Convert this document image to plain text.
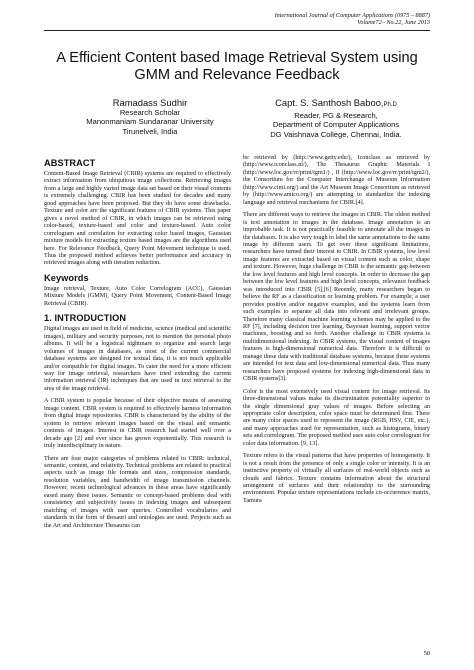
International Journal of Computer Applications (0975 – 8887)
Volume72– No.22, June 2013
A Efficient Content based Image Retrieval System using GMM and Relevance Feedback
Ramadass Sudhir
Research Scholar
Manonmaniam Sundaranar University
Tirunelveli, India
Capt. S. Santhosh Baboo,Ph.D
Reader, PG & Research,
Department of Computer Applications
DG Vaishnava College, Chennai, India.
ABSTRACT

Content-Based Image Retrieval (CBIR) systems are required to effectively extract information from ubiquitous image collections. Retrieving images from a large and highly varied image data set based on their visual contents is extremely challenging. CBIR has been studied for decades and many good approaches have been proposed. But they do have some drawbacks. Texture and color are the significant features of CBIR systems. This paper gives a novel method of CBIR, in which images can be retrieved using color-based, texture-based and color and texture-based. Auto color correlogram and correlation for extracting color based images, Gaussian mixture models for extracting texture based images are the algorithms used here. For Relevance Feedback, Query Point Movement technique is used. Thus the proposed method achieves better performance and accuracy in retrieved images along with iteration reduction.

Keywords

Image retrieval, Texture, Auto Color Correlogram (ACC), Gaussian Mixture Models (GMM), Query Point Movement, Content-Based Image Retrieval (CBIR).

1. INTRODUCTION

Digital images are used in field of medicine, science (medical and scientific images), military and security purposes, not to mention the personal photo albums. It will be a logistical nightmare to organize and search large volumes of images in databases, as most of the current commercial database systems are designed for textual data, it is not much applicable and/or compatible for digital images. To cater the need for a more efficient way for image retrieval, researchers have tried extending the current information retrieval (IR) techniques that are used in text retrieval to the area of the image retrieval.

A CBIR system is popular because of their objective means of assessing image content. CBIR system is required to effectively harness information from digital image repositories. CBIR is characterized by the ability of the system to retrieve relevant images based on the visual and semantic contents of images. Interest in CBIR research had started well over a decade ago [2] and ever since has grown exponentially. This research is truly interdisciplinary in nature.

There are four major categories of problems related to CBIR: technical, semantic, content, and relativity. Technical problems are related to practical aspects such as image file formats and sizes, compression standards, resolution variables, and bandwidth of image transmission channels. However, recent technological advances in these areas have significantly eased many these issues. Semantic or concept-based problems deal with consistency and subjectivity issues in indexing images and subsequent matching of images with user queries. Controlled vocabularies and standards in the form of thesauri and ontologies are used. Projects such as the Art and Architecture Thesaurus can

be retrieved by (http://www.getty.edu/), Iconclass as retrieved by (http://www.iconclass.nl/), The Thesaurus Graphic Materials I (http://www.loc.gov/rr/print/tgm1/) , II (http://www.loc.gov/rr/print/tgm2/), the Consortium for the Computer Interchange of Museum Information (http://www.cimi.org/) and the Art Museum Image Consortium as retrieved by (http://www.amico.org/) are attempting to standardize the indexing language and retrieval mechanisms for CBIR.[4].

There are different ways to retrieve the images in CBIR. The oldest method is text annotation to images in the database. Image annotation is an improbable task. It is not practically feasible to annotate all the images in the databases. It is also very tough to label the same annotations to the same image by different users. To get over these significant limitations, researchers have turned their interest to CBIR. In CBIR systems, low level image features are extracted based on visual content such as color, shape and texture. However, huge challenge in CBIR is the semantic gap between the low level features and high level concepts. In order to decrease the gap between the low level features and high level concepts, relevance feedback was introduced into CBIR [5],[6] Recently, many researchers began to believe the RF as a classification or learning problem. For example, a user provides positive and/or negative examples, and the systems learn from such examples to separate all data into relevant and irrelevant groups. Therefore many classical machine learning schemes may be applied to the RF [7], including decision tree learning, Bayesian learning, support vector machines, boosting and so forth. Another challenge in CBIR systems is multidimensional indexing. In CBIR systems, the visual content of images features is high-dimensional numerical data. Therefore it is difficult to manage these data with traditional database systems, because these systems are intended for text data and low-dimensional numerical data. Thus many researchers have proposed systems for indexing high-dimensional data in CBIR systems[3].

Color is the most extensively used visual content for image retrieval. Its three-dimensional values make its discrimination potentiality superior to the single dimensional gray values of images. Before selecting an appropriate color description, color space must be determined first. There are many color spaces used to represent the image (RGB, HSV, CIE, etc.), and many approaches used for representation, such as histograms, binary sets and correlogram. The proposed method uses auto color correlogram for color data information. [9, 13].

Texture refers to the visual patterns that have properties of homogeneity. It is not a result from the presence of only a single color or intensity. It is an instinctive property of virtually all surfaces of real-world objects such as clouds and fabrics. Texture contains information about the structural arrangement of surfaces and their relationship to the surrounding environment. Popular texture representations include co-occurrence matrix, Tamura

50
